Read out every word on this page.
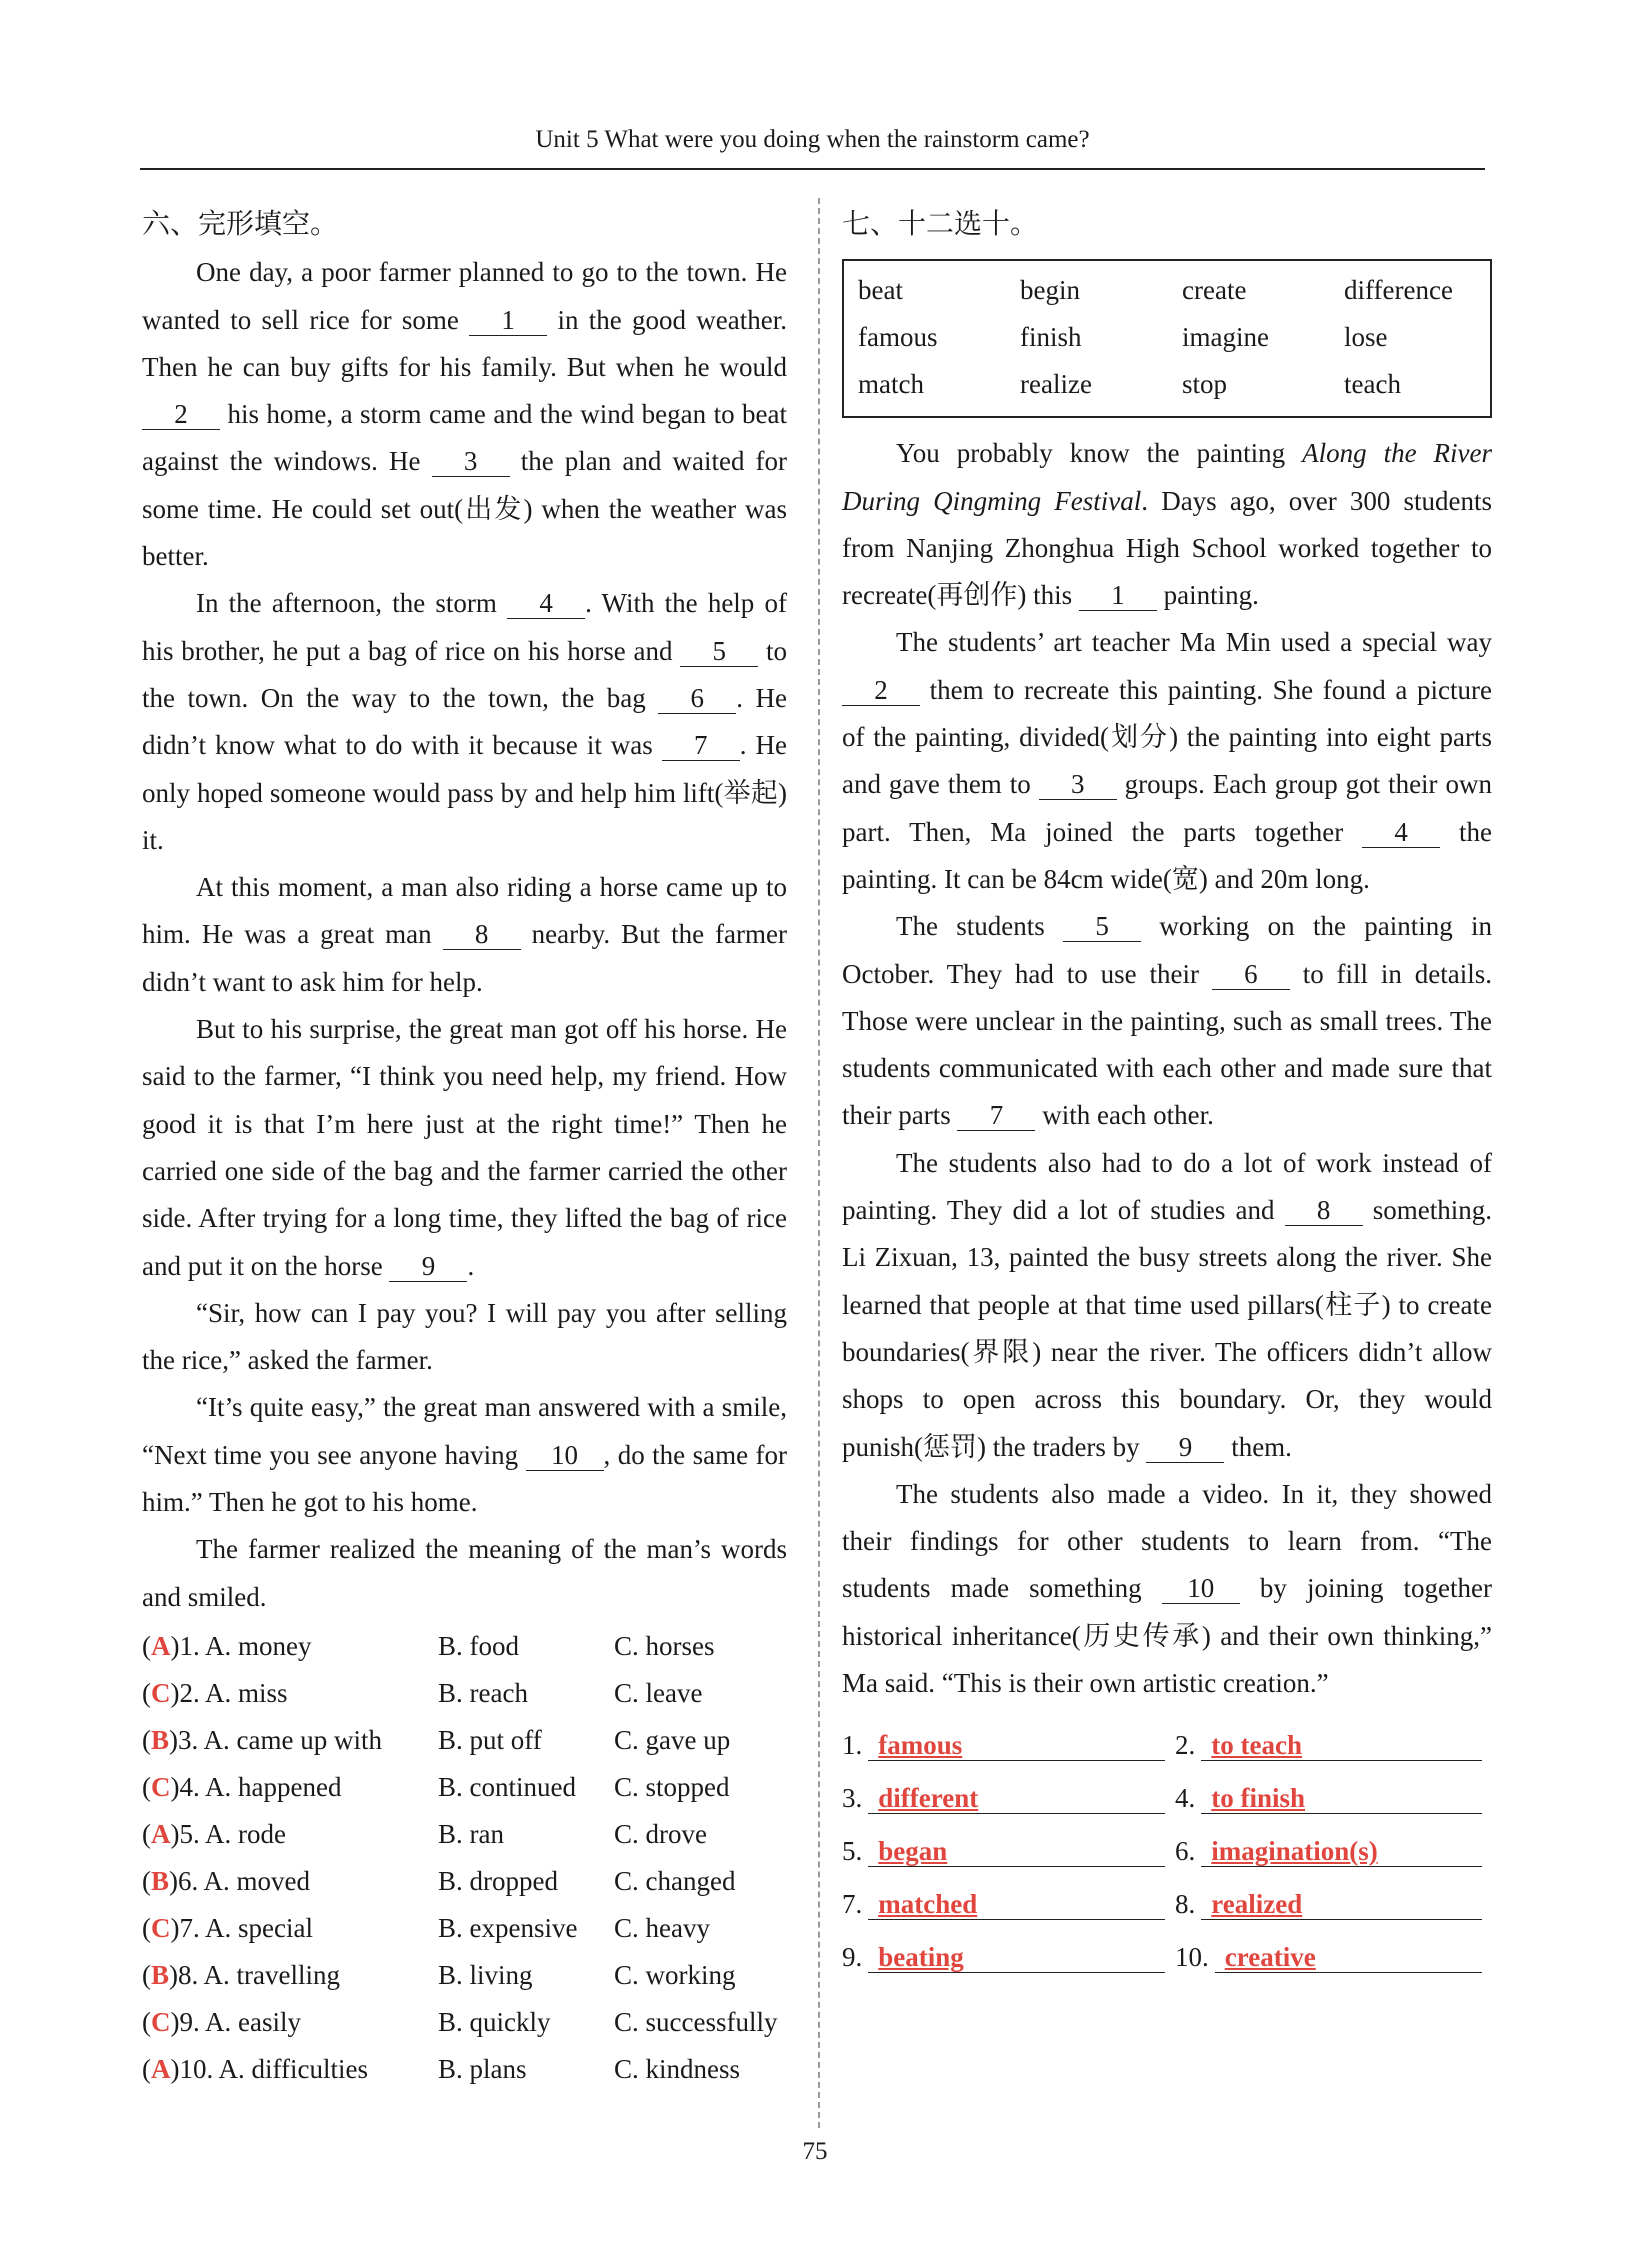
Unit 5 What were you doing when the rainstorm came?
六、完形填空。

One day, a poor farmer planned to go to the town. He wanted to sell rice for some 1 in the good weather. Then he can buy gifts for his family. But when he would 2 his home, a storm came and the wind began to beat against the windows. He 3 the plan and waited for some time. He could set out(出发) when the weather was better.

In the afternoon, the storm 4 . With the help of his brother, he put a bag of rice on his horse and 5 to the town. On the way to the town, the bag 6 . He didn’t know what to do with it because it was 7 . He only hoped someone would pass by and help him lift(举起) it.

At this moment, a man also riding a horse came up to him. He was a great man 8 nearby. But the farmer didn’t want to ask him for help.

But to his surprise, the great man got off his horse. He said to the farmer, “I think you need help, my friend. How good it is that I’m here just at the right time!” Then he carried one side of the bag and the farmer carried the other side. After trying for a long time, they lifted the bag of rice and put it on the horse 9 .

“Sir, how can I pay you? I will pay you after selling the rice,” asked the farmer.

“It’s quite easy,” the great man answered with a smile, “Next time you see anyone having 10 , do the same for him.” Then he got to his home.

The farmer realized the meaning of the man’s words and smiled.

(A)1. A. money	B. food	C. horses
(C)2. A. miss	B. reach	C. leave
(B)3. A. came up with	B. put off	C. gave up
(C)4. A. happened	B. continued	C. stopped
(A)5. A. rode	B. ran	C. drove
(B)6. A. moved	B. dropped	C. changed
(C)7. A. special	B. expensive	C. heavy
(B)8. A. travelling	B. living	C. working
(C)9. A. easily	B. quickly	C. successfully
(A)10. A. difficulties	B. plans	C. kindness
七、十二选十。
beat	begin	create	difference
famous	finish	imagine	lose
match	realize	stop	teach

You probably know the painting Along the River During Qingming Festival. Days ago, over 300 students from Nanjing Zhonghua High School worked together to recreate(再创作) this 1 painting.

The students’ art teacher Ma Min used a special way 2 them to recreate this painting. She found a picture of the painting, divided(划分) the painting into eight parts and gave them to 3 groups. Each group got their own part. Then, Ma joined the parts together 4 the painting. It can be 84cm wide(宽) and 20m long.

The students 5 working on the painting in October. They had to use their 6 to fill in details. Those were unclear in the painting, such as small trees. The students communicated with each other and made sure that their parts 7 with each other.

The students also had to do a lot of work instead of painting. They did a lot of studies and 8 something. Li Zixuan, 13, painted the busy streets along the river. She learned that people at that time used pillars(柱子) to create boundaries(界限) near the river. The officers didn’t allow shops to open across this boundary. Or, they would punish(惩罚) the traders by 9 them.

The students also made a video. In it, they showed their findings for other students to learn from. “The students made something 10 by joining together historical inheritance(历史传承) and their own thinking,” Ma said. “This is their own artistic creation.”

1. famous	2. to teach
3. different	4. to finish
5. began	6. imagination(s)
7. matched	8. realized
9. beating	10. creative
75
